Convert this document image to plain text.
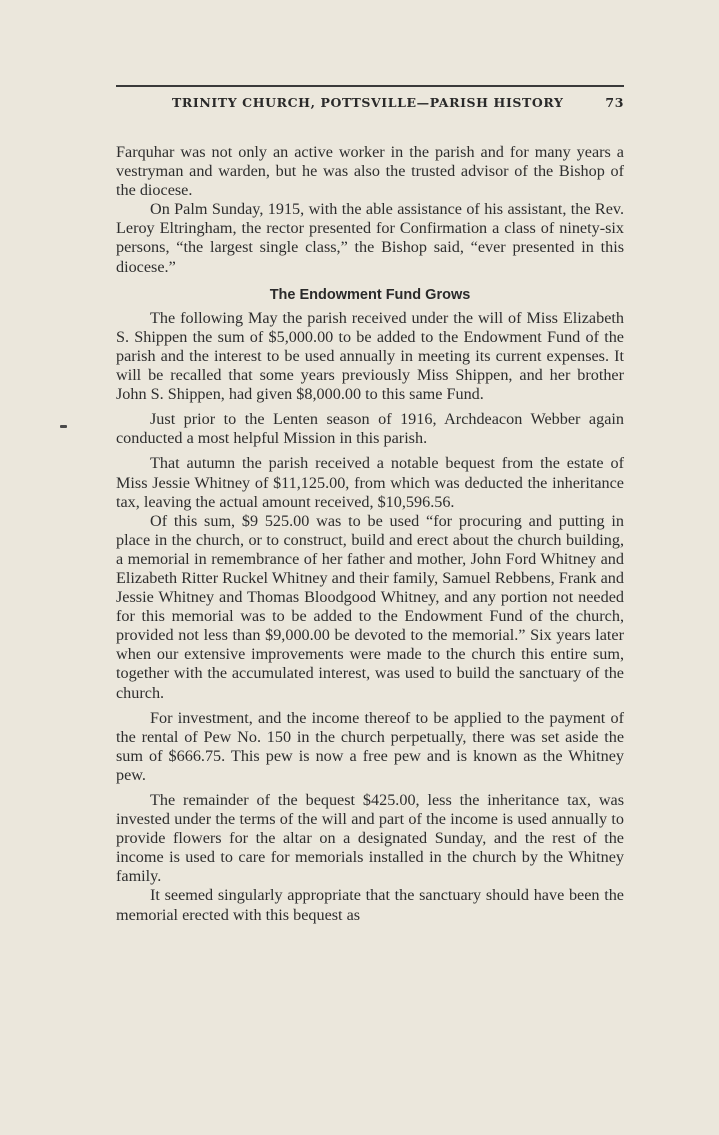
TRINITY CHURCH, POTTSVILLE—PARISH HISTORY	73

Farquhar was not only an active worker in the parish and for many years a vestryman and warden, but he was also the trusted advisor of the Bishop of the diocese.

On Palm Sunday, 1915, with the able assistance of his assistant, the Rev. Leroy Eltringham, the rector presented for Confirmation a class of ninety-six persons, “the largest single class,” the Bishop said, “ever presented in this diocese.”

The Endowment Fund Grows

The following May the parish received under the will of Miss Elizabeth S. Shippen the sum of $5,000.00 to be added to the Endowment Fund of the parish and the interest to be used annually in meeting its current expenses. It will be recalled that some years previously Miss Shippen, and her brother John S. Shippen, had given $8,000.00 to this same Fund.

Just prior to the Lenten season of 1916, Archdeacon Webber again conducted a most helpful Mission in this parish.

That autumn the parish received a notable bequest from the estate of Miss Jessie Whitney of $11,125.00, from which was deducted the inheritance tax, leaving the actual amount received, $10,596.56.

Of this sum, $9 525.00 was to be used “for procuring and putting in place in the church, or to construct, build and erect about the church building, a memorial in remembrance of her father and mother, John Ford Whitney and Elizabeth Ritter Ruckel Whitney and their family, Samuel Rebbens, Frank and Jessie Whitney and Thomas Bloodgood Whitney, and any portion not needed for this memorial was to be added to the Endowment Fund of the church, provided not less than $9,000.00 be devoted to the memorial.” Six years later when our extensive improvements were made to the church this entire sum, together with the accumulated interest, was used to build the sanctuary of the church.

For investment, and the income thereof to be applied to the payment of the rental of Pew No. 150 in the church perpetually, there was set aside the sum of $666.75. This pew is now a free pew and is known as the Whitney pew.

The remainder of the bequest $425.00, less the inheritance tax, was invested under the terms of the will and part of the income is used annually to provide flowers for the altar on a designated Sunday, and the rest of the income is used to care for memorials installed in the church by the Whitney family.

It seemed singularly appropriate that the sanctuary should have been the memorial erected with this bequest as
